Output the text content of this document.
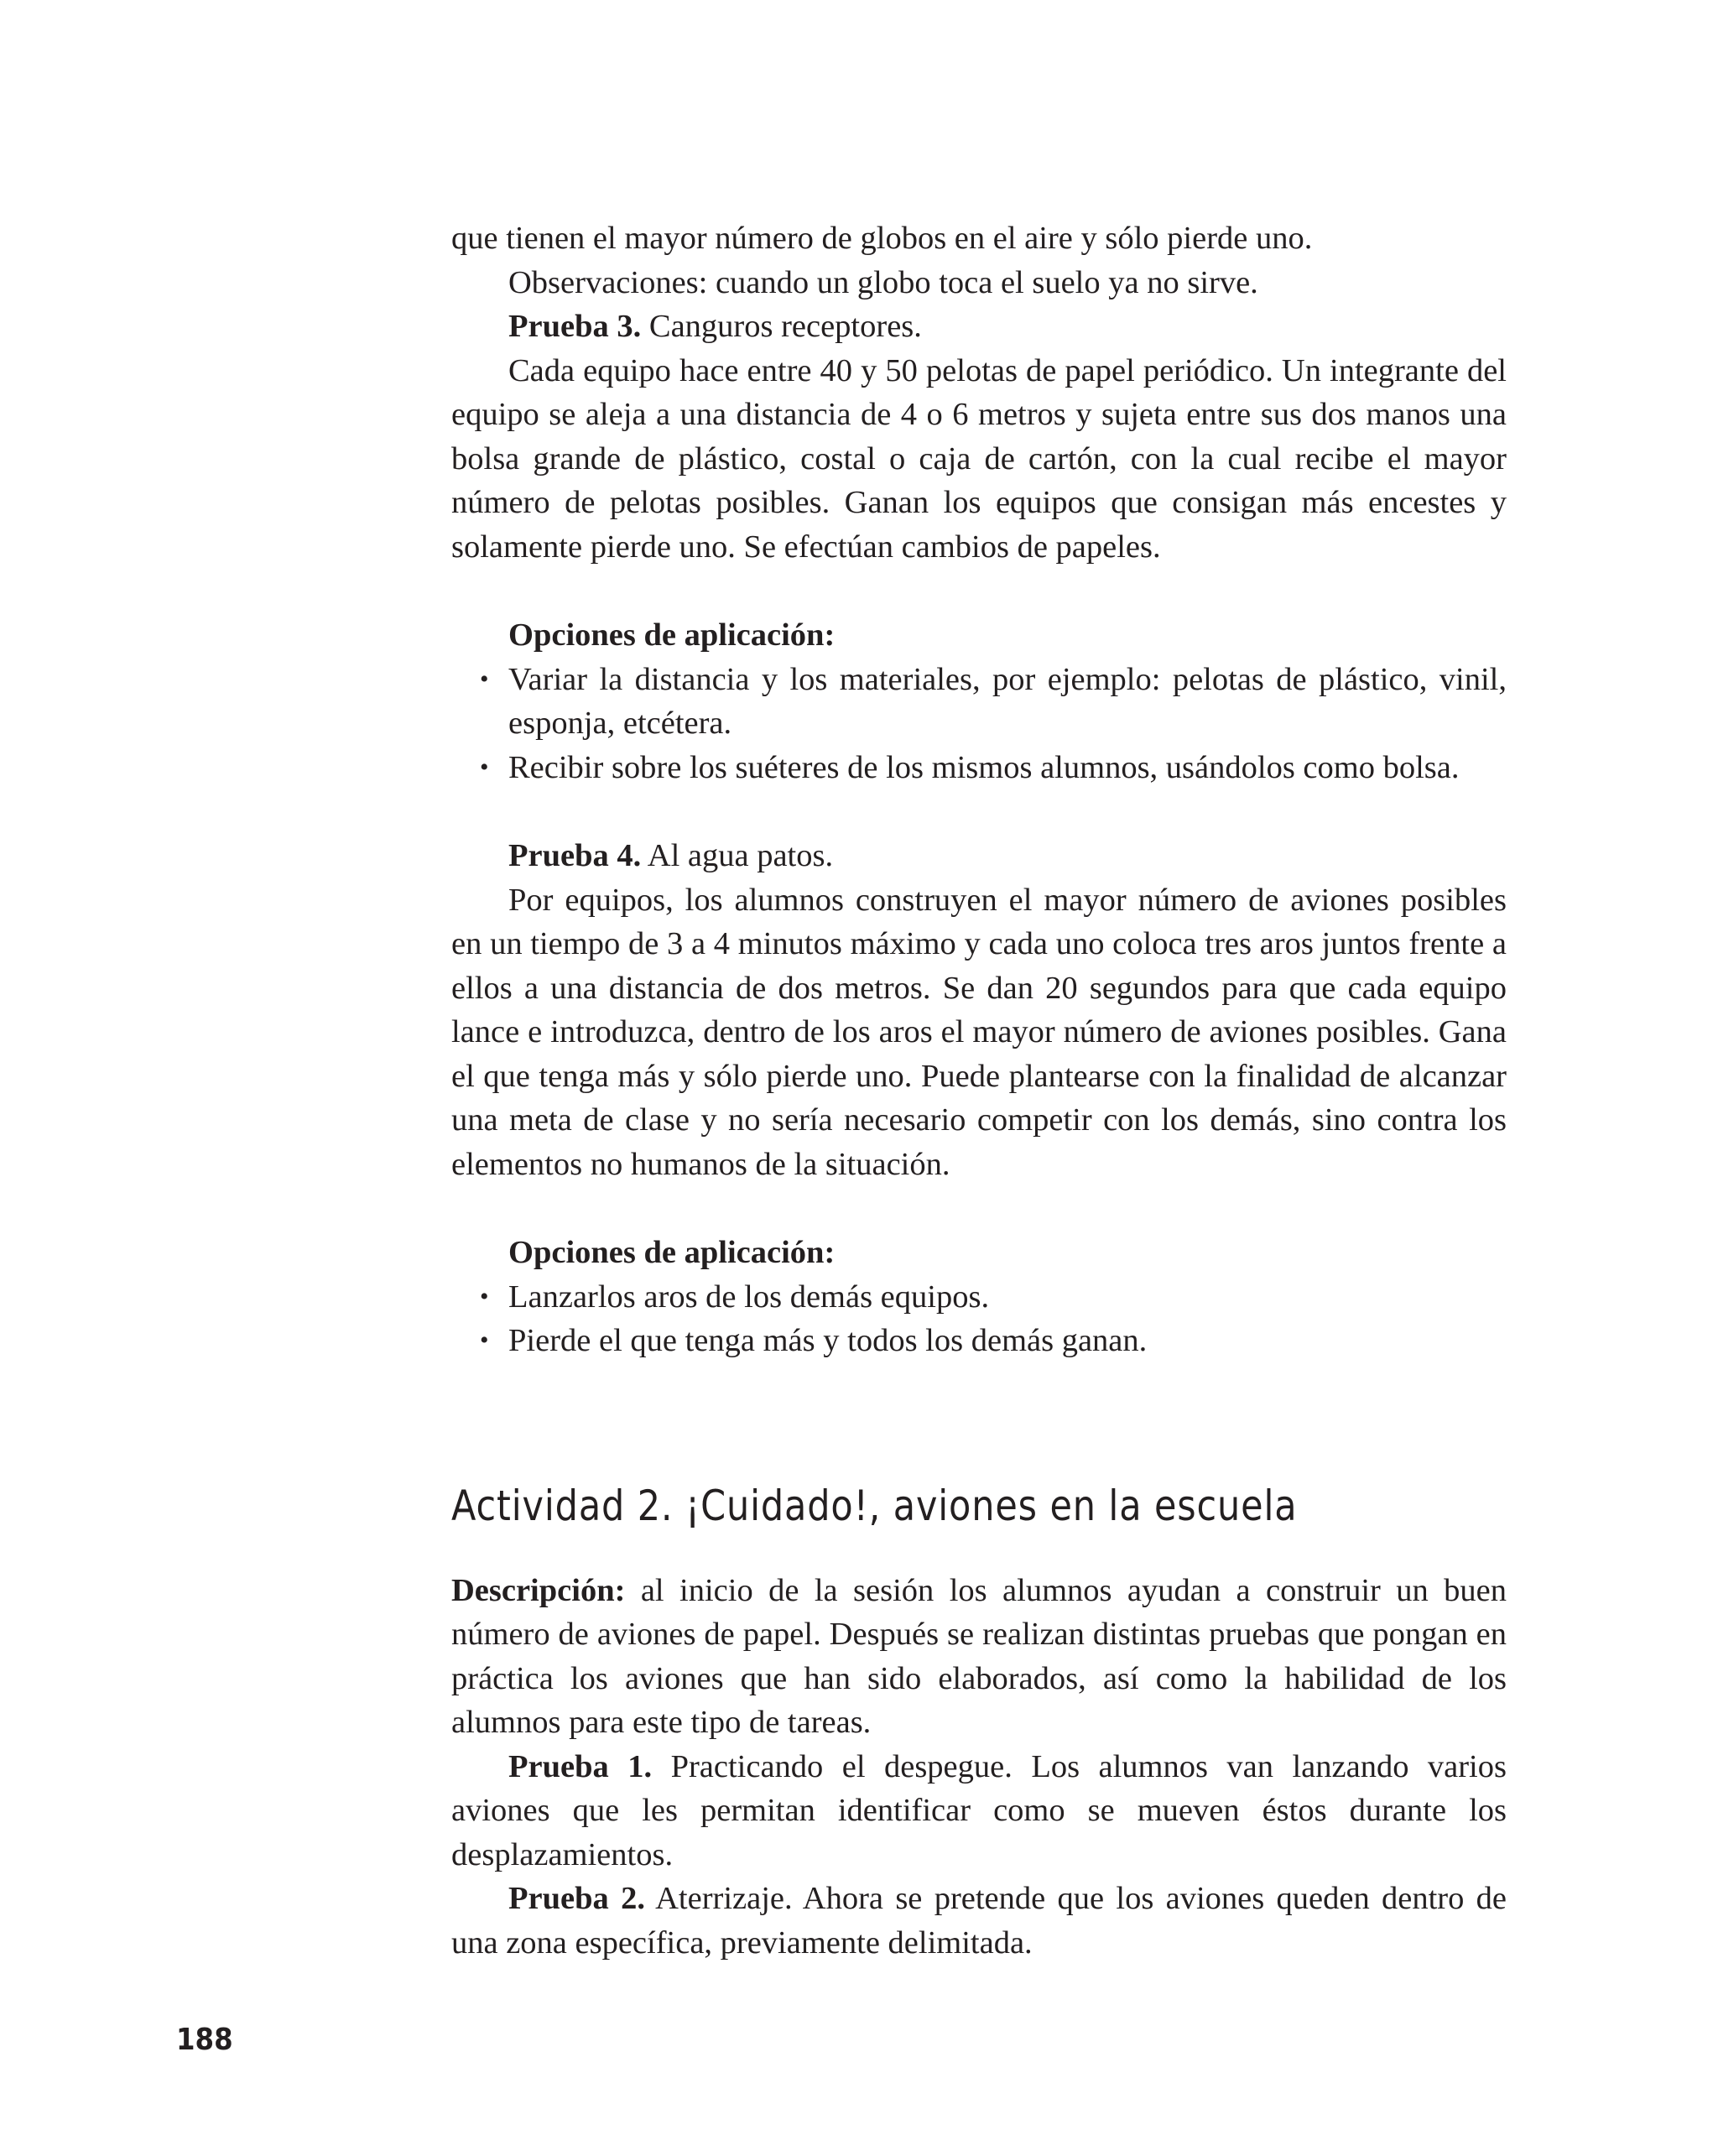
que tienen el mayor número de globos en el aire y sólo pierde uno.

Observaciones: cuando un globo toca el suelo ya no sirve.

Prueba 3. Canguros receptores.

Cada equipo hace entre 40 y 50 pelotas de papel periódico. Un integrante del equipo se aleja a una distancia de 4 o 6 metros y sujeta entre sus dos manos una bolsa grande de plástico, costal o caja de cartón, con la cual recibe el mayor número de pelotas posibles. Ganan los equipos que consigan más encestes y solamente pierde uno. Se efectúan cambios de papeles.

Opciones de aplicación:

• Variar la distancia y los materiales, por ejemplo: pelotas de plástico, vinil, esponja, etcétera.
• Recibir sobre los suéteres de los mismos alumnos, usándolos como bolsa.

Prueba 4. Al agua patos.

Por equipos, los alumnos construyen el mayor número de aviones posibles en un tiempo de 3 a 4 minutos máximo y cada uno coloca tres aros juntos frente a ellos a una distancia de dos metros. Se dan 20 segundos para que cada equipo lance e introduzca, dentro de los aros el mayor número de aviones posibles. Gana el que tenga más y sólo pierde uno. Puede plantearse con la finalidad de alcanzar una meta de clase y no sería necesario competir con los demás, sino contra los elementos no humanos de la situación.

Opciones de aplicación:

• Lanzarlos aros de los demás equipos.
• Pierde el que tenga más y todos los demás ganan.
Actividad 2. ¡Cuidado!, aviones en la escuela

Descripción: al inicio de la sesión los alumnos ayudan a construir un buen número de aviones de papel. Después se realizan distintas pruebas que pongan en práctica los aviones que han sido elaborados, así como la habilidad de los alumnos para este tipo de tareas.

Prueba 1. Practicando el despegue. Los alumnos van lanzando varios aviones que les permitan identificar como se mueven éstos durante los desplazamientos.

Prueba 2. Aterrizaje. Ahora se pretende que los aviones queden dentro de una zona específica, previamente delimitada.

188
